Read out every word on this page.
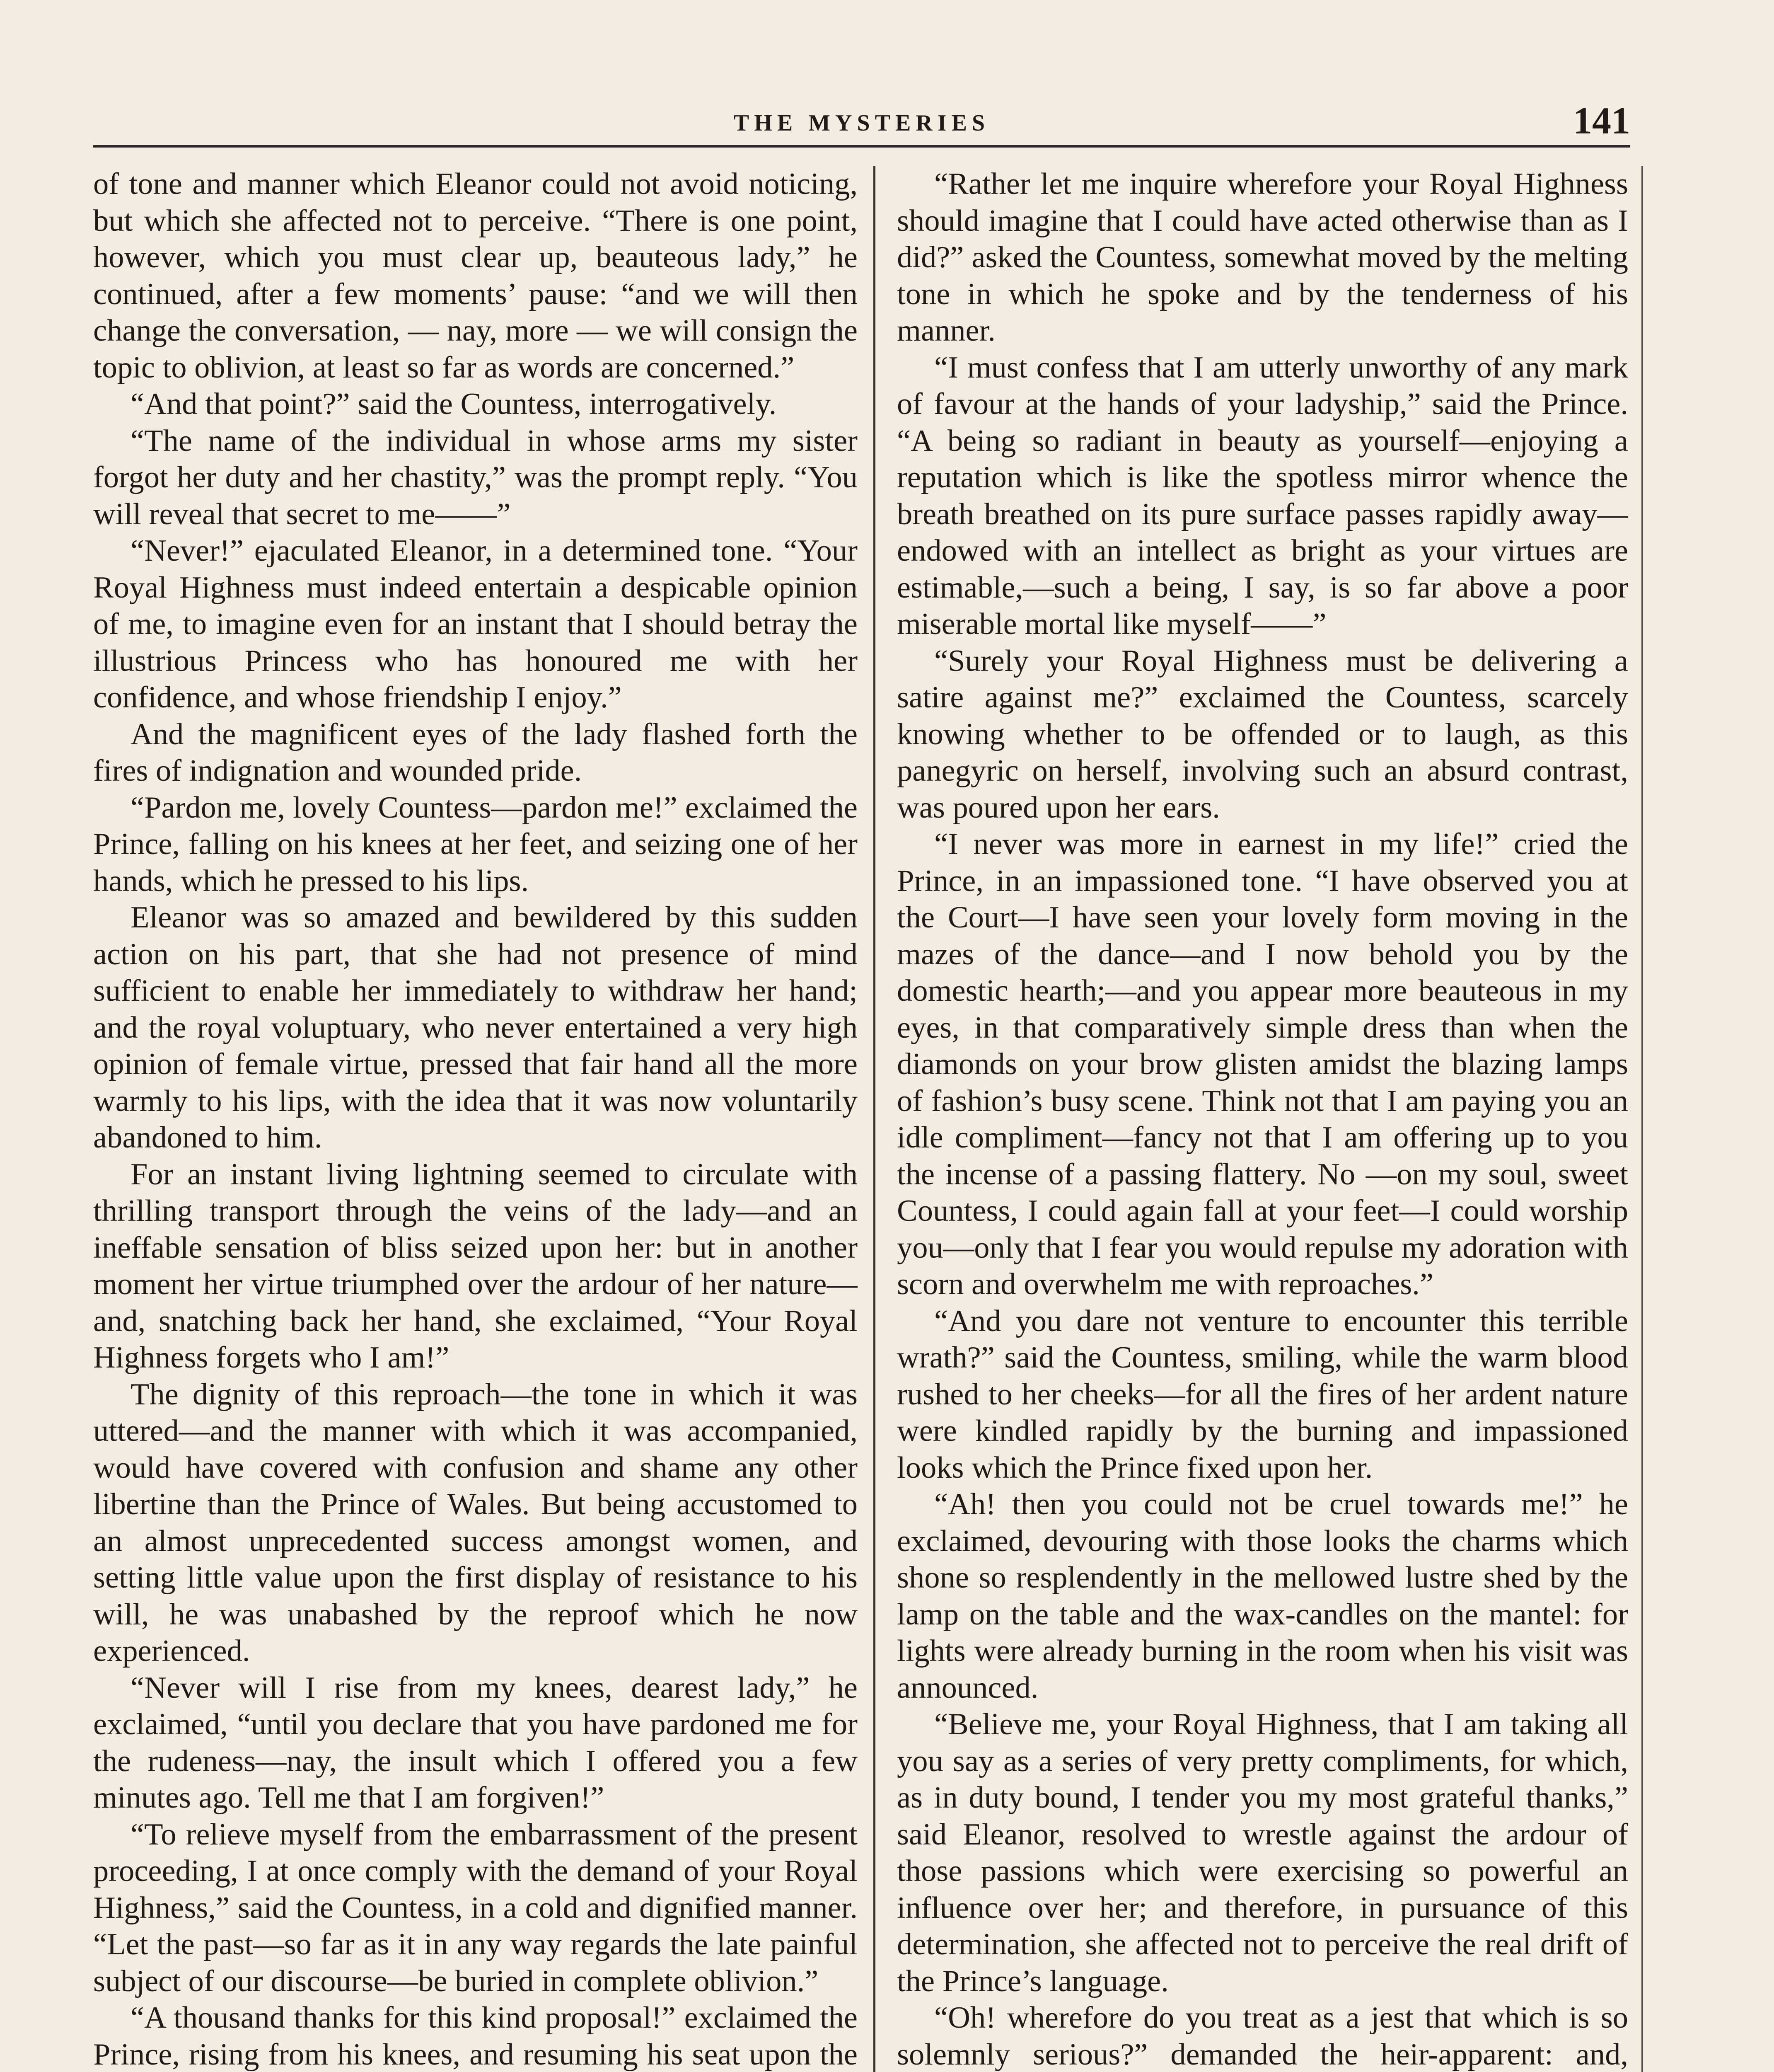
THE MYSTERIES	141

of tone and manner which Eleanor could not avoid noticing, but which she affected not to perceive. “There is one point, however, which you must clear up, beauteous lady,” he continued, after a few moments’ pause: “and we will then change the conversation, — nay, more — we will consign the topic to oblivion, at least so far as words are concerned.”

“And that point?” said the Countess, interrogatively.

“The name of the individual in whose arms my sister forgot her duty and her chastity,” was the prompt reply. “You will reveal that secret to me——”

“Never!” ejaculated Eleanor, in a determined tone. “Your Royal Highness must indeed entertain a despicable opinion of me, to imagine even for an instant that I should betray the illustrious Princess who has honoured me with her confidence, and whose friendship I enjoy.”

And the magnificent eyes of the lady flashed forth the fires of indignation and wounded pride.

“Pardon me, lovely Countess—pardon me!” exclaimed the Prince, falling on his knees at her feet, and seizing one of her hands, which he pressed to his lips.

Eleanor was so amazed and bewildered by this sudden action on his part, that she had not presence of mind sufficient to enable her immediately to withdraw her hand; and the royal voluptuary, who never entertained a very high opinion of female virtue, pressed that fair hand all the more warmly to his lips, with the idea that it was now voluntarily abandoned to him.

For an instant living lightning seemed to circulate with thrilling transport through the veins of the lady—and an ineffable sensation of bliss seized upon her: but in another moment her virtue triumphed over the ardour of her nature—and, snatching back her hand, she exclaimed, “Your Royal Highness forgets who I am!”

The dignity of this reproach—the tone in which it was uttered—and the manner with which it was accompanied, would have covered with confusion and shame any other libertine than the Prince of Wales. But being accustomed to an almost unprecedented success amongst women, and setting little value upon the first display of resistance to his will, he was unabashed by the reproof which he now experienced.

“Never will I rise from my knees, dearest lady,” he exclaimed, “until you declare that you have pardoned me for the rudeness—nay, the insult which I offered you a few minutes ago. Tell me that I am forgiven!”

“To relieve myself from the embarrassment of the present proceeding, I at once comply with the demand of your Royal Highness,” said the Countess, in a cold and dignified manner. “Let the past—so far as it in any way regards the late painful subject of our discourse—be buried in complete oblivion.”

“A thousand thanks for this kind proposal!” exclaimed the Prince, rising from his knees, and resuming his seat upon the

“Rather let me inquire wherefore your Royal Highness should imagine that I could have acted otherwise than as I did?” asked the Countess, somewhat moved by the melting tone in which he spoke and by the tenderness of his manner.

“I must confess that I am utterly unworthy of any mark of favour at the hands of your ladyship,” said the Prince. “A being so radiant in beauty as yourself—enjoying a reputation which is like the spotless mirror whence the breath breathed on its pure surface passes rapidly away—endowed with an intellect as bright as your virtues are estimable,—such a being, I say, is so far above a poor miserable mortal like myself——”

“Surely your Royal Highness must be delivering a satire against me?” exclaimed the Countess, scarcely knowing whether to be offended or to laugh, as this panegyric on herself, involving such an absurd contrast, was poured upon her ears.

“I never was more in earnest in my life!” cried the Prince, in an impassioned tone. “I have observed you at the Court—I have seen your lovely form moving in the mazes of the dance—and I now behold you by the domestic hearth;—and you appear more beauteous in my eyes, in that comparatively simple dress than when the diamonds on your brow glisten amidst the blazing lamps of fashion’s busy scene. Think not that I am paying you an idle compliment—fancy not that I am offering up to you the incense of a passing flattery. No —on my soul, sweet Countess, I could again fall at your feet—I could worship you—only that I fear you would repulse my adoration with scorn and overwhelm me with reproaches.”

“And you dare not venture to encounter this terrible wrath?” said the Countess, smiling, while the warm blood rushed to her cheeks—for all the fires of her ardent nature were kindled rapidly by the burning and impassioned looks which the Prince fixed upon her.

“Ah! then you could not be cruel towards me!” he exclaimed, devouring with those looks the charms which shone so resplendently in the mellowed lustre shed by the lamp on the table and the wax-candles on the mantel: for lights were already burning in the room when his visit was announced.

“Believe me, your Royal Highness, that I am taking all you say as a series of very pretty compliments, for which, as in duty bound, I tender you my most grateful thanks,” said Eleanor, resolved to wrestle against the ardour of those passions which were exercising so powerful an influence over her; and therefore, in pursuance of this determination, she affected not to perceive the real drift of the Prince’s language.

“Oh! wherefore do you treat as a jest that which is so solemnly serious?” demanded the heir-apparent: and,
